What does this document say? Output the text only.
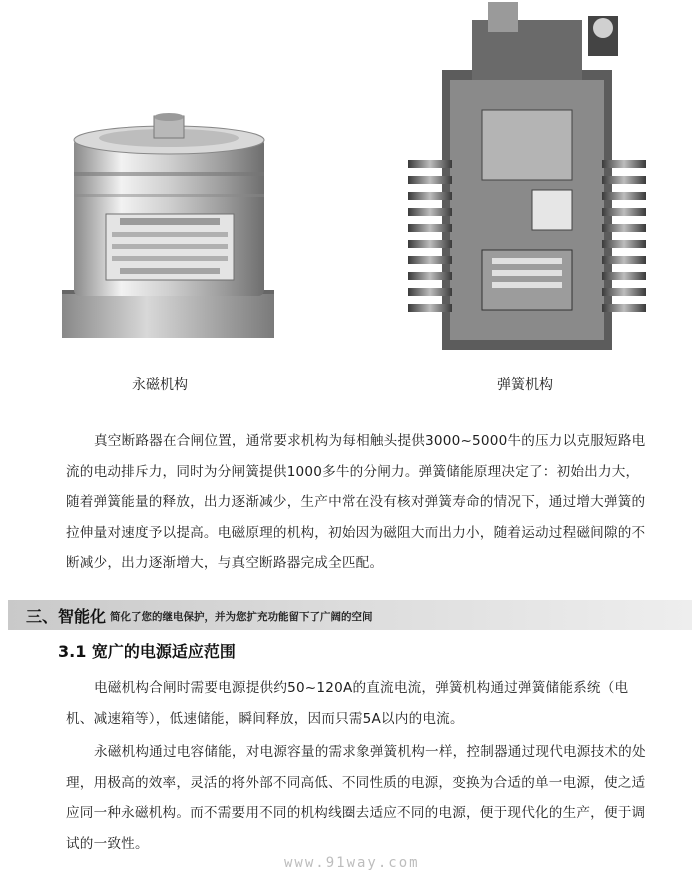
永磁机构	弹簧机构

真空断路器在合闸位置，通常要求机构为每相触头提供3000~5000牛的压力以克服短路电流的电动排斥力，同时为分闸簧提供1000多牛的分闸力。弹簧储能原理决定了：初始出力大，随着弹簧能量的释放，出力逐渐减少，生产中常在没有核对弹簧寿命的情况下，通过增大弹簧的拉伸量对速度予以提高。电磁原理的机构，初始因为磁阻大而出力小，随着运动过程磁间隙的不断减少，出力逐渐增大，与真空断路器完成全匹配。

三、智能化 简化了您的继电保护，并为您扩充功能留下了广阔的空间
3.1 宽广的电源适应范围

电磁机构合闸时需要电源提供约50~120A的直流电流，弹簧机构通过弹簧储能系统（电机、减速箱等），低速储能，瞬间释放，因而只需5A以内的电流。

永磁机构通过电容储能，对电源容量的需求象弹簧机构一样，控制器通过现代电源技术的处理，用极高的效率，灵活的将外部不同高低、不同性质的电源，变换为合适的单一电源，使之适应同一种永磁机构。而不需要用不同的机构线圈去适应不同的电源，便于现代化的生产，便于调试的一致性。

www.91way.com
